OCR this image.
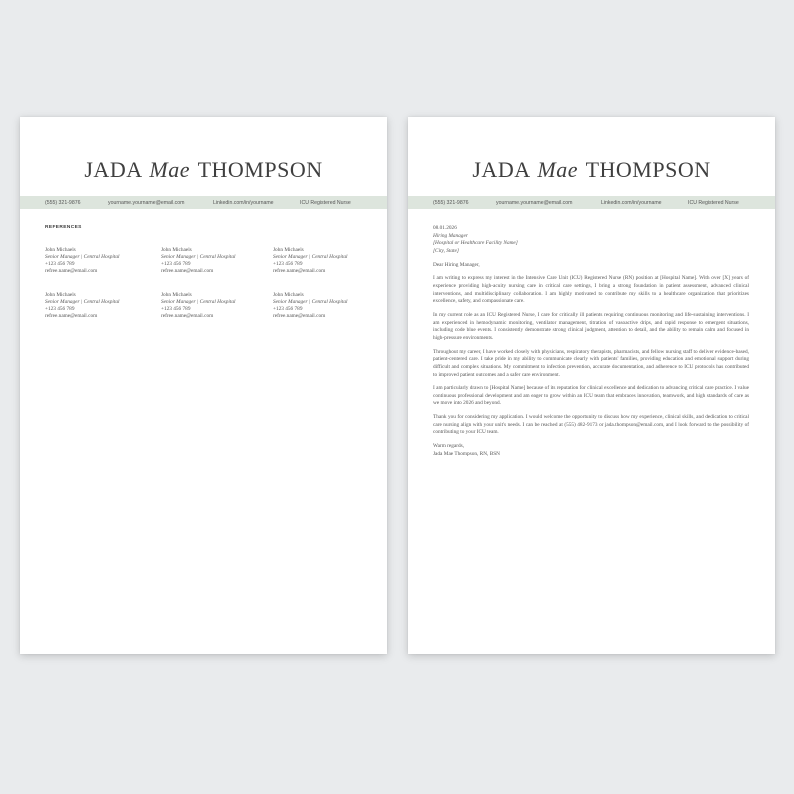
JADA Mae THOMPSON
(555) 321-9876	yourname.yourname@email.com	Linkedin.com/in/yourname	ICU Registered Nurse
REFERENCES
John Michaels
Senior Manager | Central Hospital
+123 456 789
refree.name@email.com
John Michaels
Senior Manager | Central Hospital
+123 456 789
refree.name@email.com
John Michaels
Senior Manager | Central Hospital
+123 456 789
refree.name@email.com
John Michaels
Senior Manager | Central Hospital
+123 456 789
refree.name@email.com
John Michaels
Senior Manager | Central Hospital
+123 456 789
refree.name@email.com
John Michaels
Senior Manager | Central Hospital
+123 456 789
refree.name@email.com
JADA Mae THOMPSON
(555) 321-9876	yourname.yourname@email.com	Linkedin.com/in/yourname	ICU Registered Nurse
08.01.2026
Hiring Manager
[Hospital or Healthcare Facility Name]
[City, State]

Dear Hiring Manager,

I am writing to express my interest in the Intensive Care Unit (ICU) Registered Nurse (RN) position at [Hospital Name]. With over [X] years of experience providing high-acuity nursing care in critical care settings, I bring a strong foundation in patient assessment, advanced clinical interventions, and multidisciplinary collaboration. I am highly motivated to contribute my skills to a healthcare organization that prioritizes excellence, safety, and compassionate care.

In my current role as an ICU Registered Nurse, I care for critically ill patients requiring continuous monitoring and life-sustaining interventions. I am experienced in hemodynamic monitoring, ventilator management, titration of vasoactive drips, and rapid response to emergent situations, including code blue events. I consistently demonstrate strong clinical judgment, attention to detail, and the ability to remain calm and focused in high-pressure environments.

Throughout my career, I have worked closely with physicians, respiratory therapists, pharmacists, and fellow nursing staff to deliver evidence-based, patient-centered care. I take pride in my ability to communicate clearly with patients' families, providing education and emotional support during difficult and complex situations. My commitment to infection prevention, accurate documentation, and adherence to ICU protocols has contributed to improved patient outcomes and a safer care environment.

I am particularly drawn to [Hospital Name] because of its reputation for clinical excellence and dedication to advancing critical care practice. I value continuous professional development and am eager to grow within an ICU team that embraces innovation, teamwork, and high standards of care as we move into 2026 and beyond.

Thank you for considering my application. I would welcome the opportunity to discuss how my experience, clinical skills, and dedication to critical care nursing align with your unit's needs. I can be reached at (555) 482-9173 or jada.thompson@email.com, and I look forward to the possibility of contributing to your ICU team.

Warm regards,
Jada Mae Thompson, RN, BSN
